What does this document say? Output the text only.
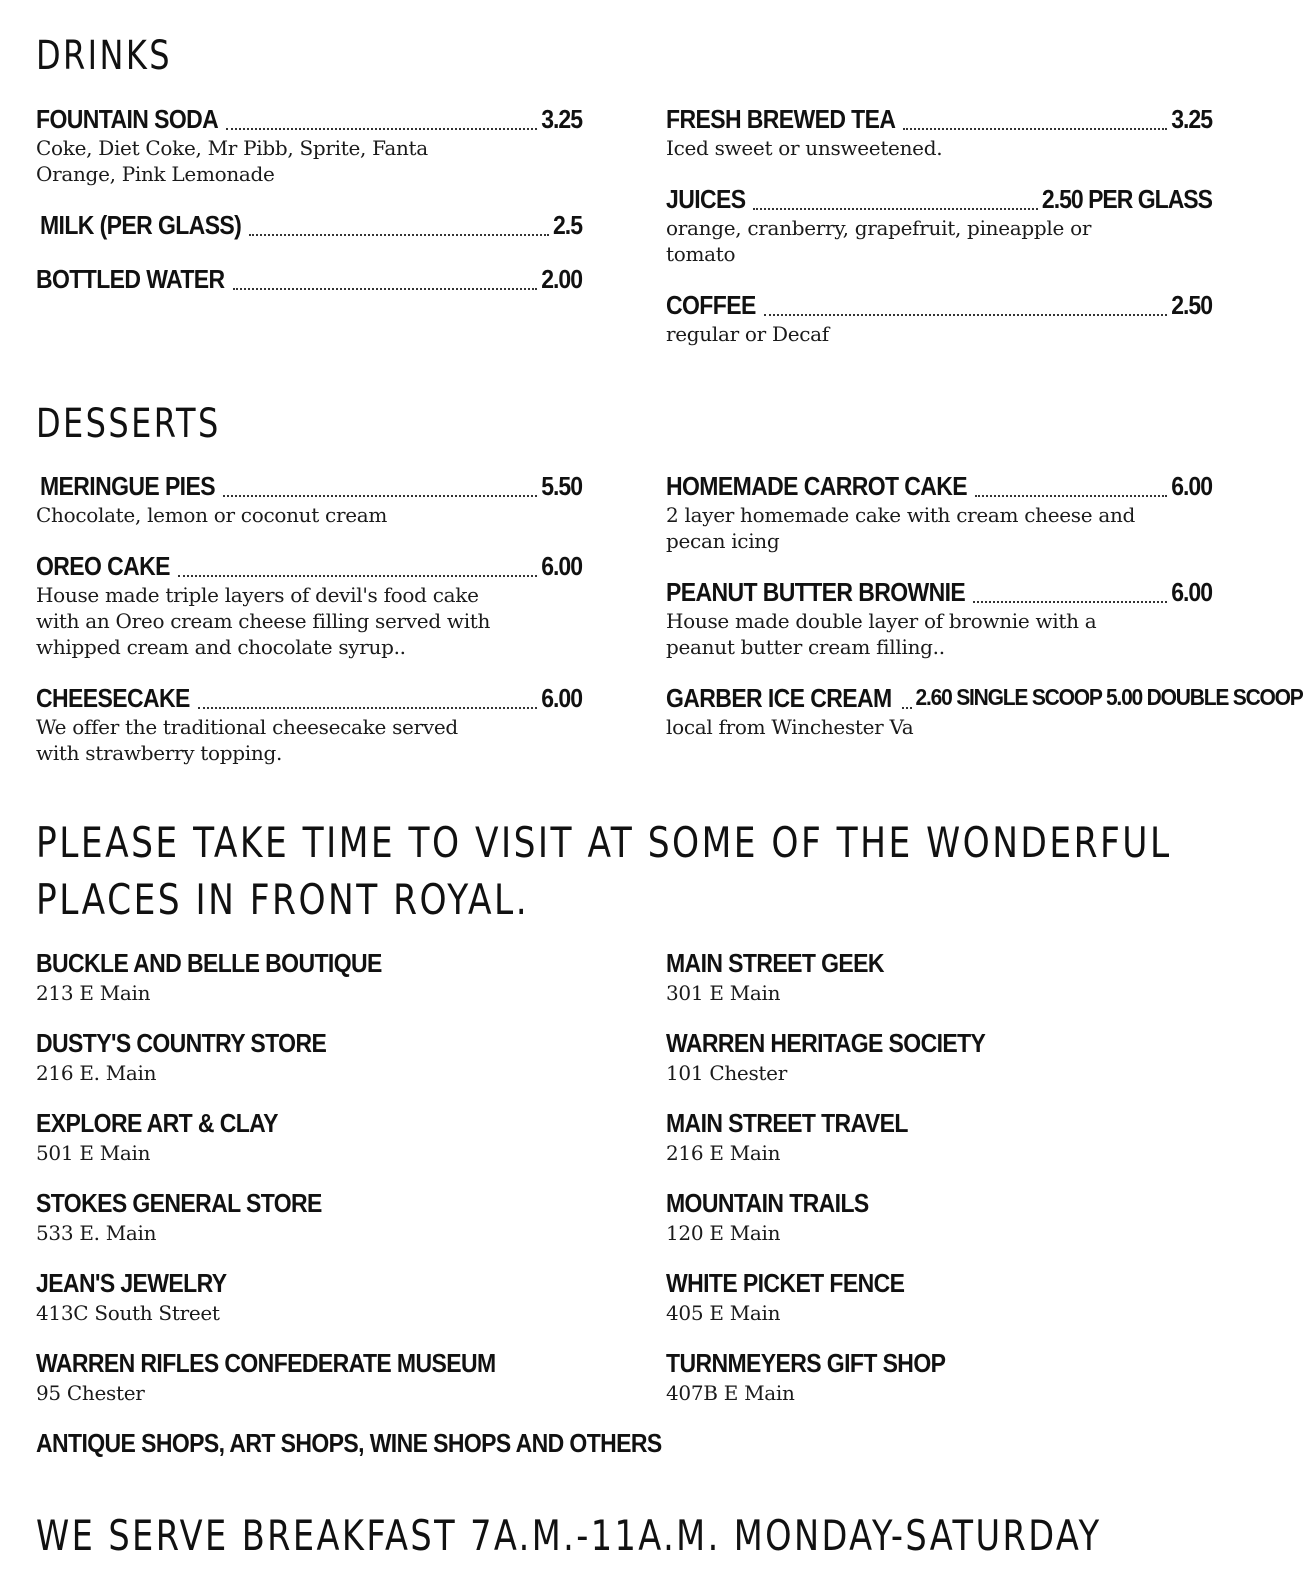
DRINKS
FOUNTAIN SODA	3.25
Coke, Diet Coke, Mr Pibb, Sprite, Fanta Orange, Pink Lemonade
MILK (PER GLASS)	2.5
BOTTLED WATER	2.00
FRESH BREWED TEA	3.25
Iced sweet or unsweetened.
JUICES	2.50 PER GLASS
orange, cranberry, grapefruit, pineapple or tomato
COFFEE	2.50
regular or Decaf
DESSERTS
MERINGUE PIES	5.50
Chocolate, lemon or coconut cream
OREO CAKE	6.00
House made triple layers of devil's food cake with an Oreo cream cheese filling served with whipped cream and chocolate syrup..
CHEESECAKE	6.00
We offer the traditional cheesecake served with strawberry topping.
HOMEMADE CARROT CAKE	6.00
2 layer homemade cake with cream cheese and pecan icing
PEANUT BUTTER BROWNIE	6.00
House made double layer of brownie with a peanut butter cream filling..
GARBER ICE CREAM 2.60 SINGLE SCOOP 5.00 DOUBLE SCOOP
local from Winchester Va
PLEASE TAKE TIME TO VISIT AT SOME OF THE WONDERFUL PLACES IN FRONT ROYAL.
BUCKLE AND BELLE BOUTIQUE
213 E Main
DUSTY'S COUNTRY STORE
216 E. Main
EXPLORE ART & CLAY
501 E Main
STOKES GENERAL STORE
533 E. Main
JEAN'S JEWELRY
413C South Street
WARREN RIFLES CONFEDERATE MUSEUM
95 Chester
ANTIQUE SHOPS, ART SHOPS, WINE SHOPS AND OTHERS
MAIN STREET GEEK
301 E Main
WARREN HERITAGE SOCIETY
101 Chester
MAIN STREET TRAVEL
216 E Main
MOUNTAIN TRAILS
120 E Main
WHITE PICKET FENCE
405 E Main
TURNMEYERS GIFT SHOP
407B E Main
WE SERVE BREAKFAST 7A.M.-11A.M. MONDAY-SATURDAY
